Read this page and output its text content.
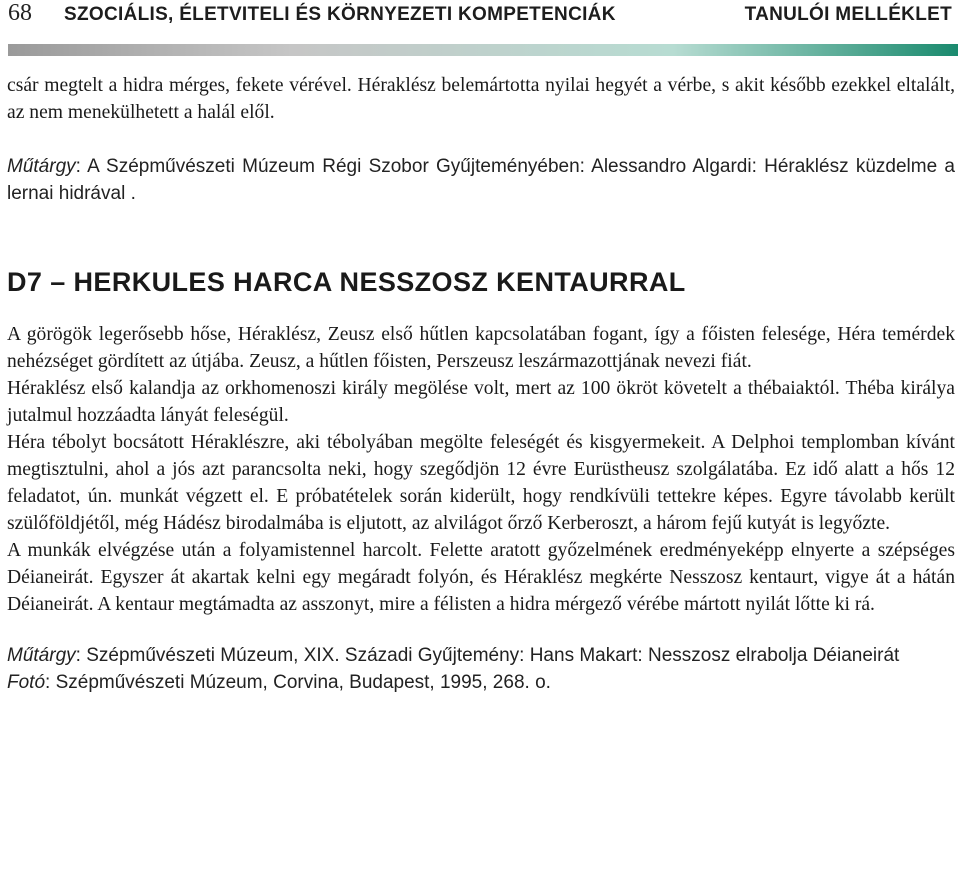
68 SZOCIÁLIS, ÉLETVITELI ÉS KÖRNYEZETI KOMPETENCIÁK	TANULÓI MELLÉKLET

csár megtelt a hidra mérges, fekete vérével. Héraklész belemártotta nyilai hegyét a vérbe, s akit később ezekkel eltalált, az nem menekülhetett a halál elől.

Műtárgy: A Szépművészeti Múzeum Régi Szobor Gyűjteményében: Alessandro Algardi: Héraklész küzdelme a lernai hidrával .

D7 – HERKULES HARCA NESSZOSZ KENTAURRAL

A görögök legerősebb hőse, Héraklész, Zeusz első hűtlen kapcsolatában fogant, így a főisten felesége, Héra temérdek nehézséget gördített az útjába. Zeusz, a hűtlen főisten, Perszeusz leszármazottjának nevezi fiát.

Héraklész első kalandja az orkhomenoszi király megölése volt, mert az 100 ökröt követelt a thébaiaktól. Thébа királya jutalmul hozzáadta lányát feleségül.

Héra tébolyt bocsátott Héraklészre, aki tébolyában megölte feleségét és kisgyermekeit. A Delphoi templomban kívánt megtisztulni, ahol a jós azt parancsolta neki, hogy szegődjön 12 évre Eurüstheusz szolgálatába. Ez idő alatt a hős 12 feladatot, ún. munkát végzett el. E próbatételek során kiderült, hogy rendkívüli tettekre képes. Egyre távolabb került szülőföldjétől, még Hádész birodalmába is eljutott, az alvilágot őrző Kerberoszt, a három fejű kutyát is legyőzte.

A munkák elvégzése után a folyamistennel harcolt. Felette aratott győzelmének eredményeképp elnyerte a szépséges Déianeirát. Egyszer át akartak kelni egy megáradt folyón, és Héraklész megkérte Nesszosz kentaurt, vigye át a hátán Déianeirát. A kentaur megtámadta az asszonyt, mire a félisten a hidra mérgező vérébe mártott nyilát lőtte ki rá.

Műtárgy: Szépművészeti Múzeum, XIX. Századi Gyűjtemény: Hans Makart: Nesszosz elrabolja Déianeirát

Fotó: Szépművészeti Múzeum, Corvina, Budapest, 1995, 268. o.
